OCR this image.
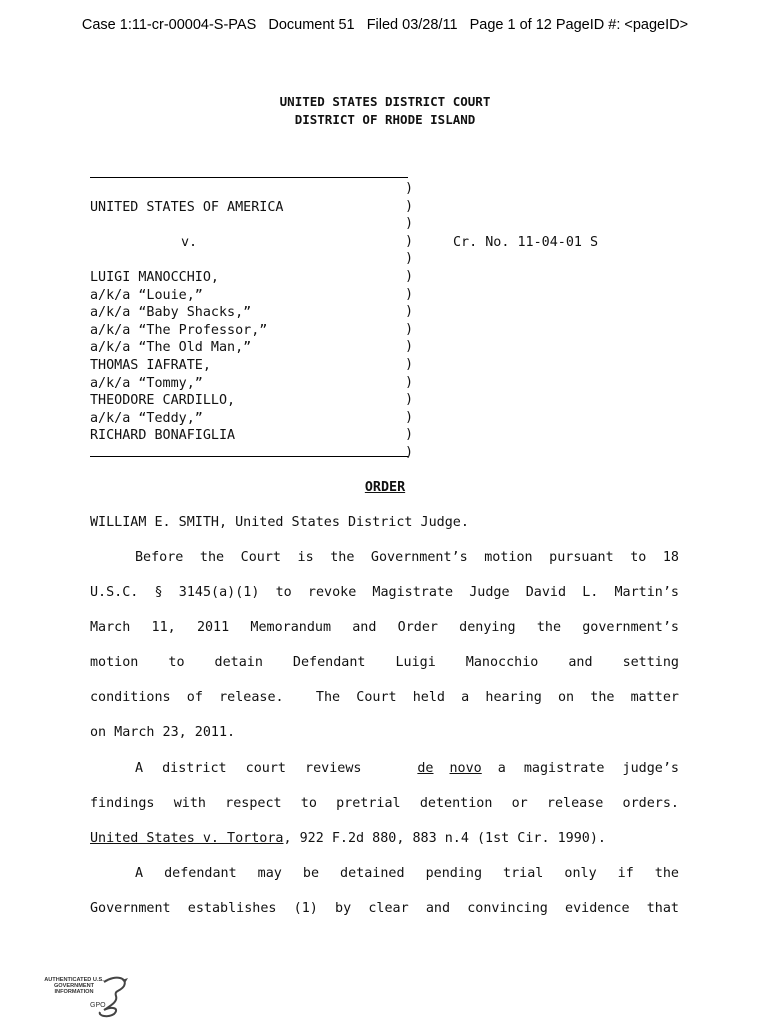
Case 1:11-cr-00004-S-PAS Document 51 Filed 03/28/11 Page 1 of 12 PageID #: <pageID>
UNITED STATES DISTRICT COURT
DISTRICT OF RHODE ISLAND
UNITED STATES OF AMERICA
v.
LUIGI MANOCCHIO,
a/k/a “Louie,”
a/k/a “Baby Shacks,”
a/k/a “The Professor,”
a/k/a “The Old Man,”
THOMAS IAFRATE,
a/k/a “Tommy,”
THEODORE CARDILLO,
a/k/a “Teddy,”
RICHARD BONAFIGLIA
)
)
)
)
)
)
)
)
)
)
)
)
)
)
)
)
Cr. No. 11-04-01 S
ORDER
WILLIAM E. SMITH, United States District Judge.
Before the Court is the Government’s motion pursuant to 18
U.S.C. § 3145(a)(1) to revoke Magistrate Judge David L. Martin’s
March 11, 2011 Memorandum and Order denying the government’s
motion to detain Defendant Luigi Manocchio and setting
conditions of release.  The Court held a hearing on the matter
on March 23, 2011.
A district court reviews	de novo a magistrate judge’s
findings with respect to pretrial detention or release orders.
United States v. Tortora, 922 F.2d 880, 883 n.4 (1st Cir. 1990).
A defendant may be detained pending trial only if the
Government establishes (1) by clear and convincing evidence that
AUTHENTICATED U.S. GOVERNMENT INFORMATION
GPO
